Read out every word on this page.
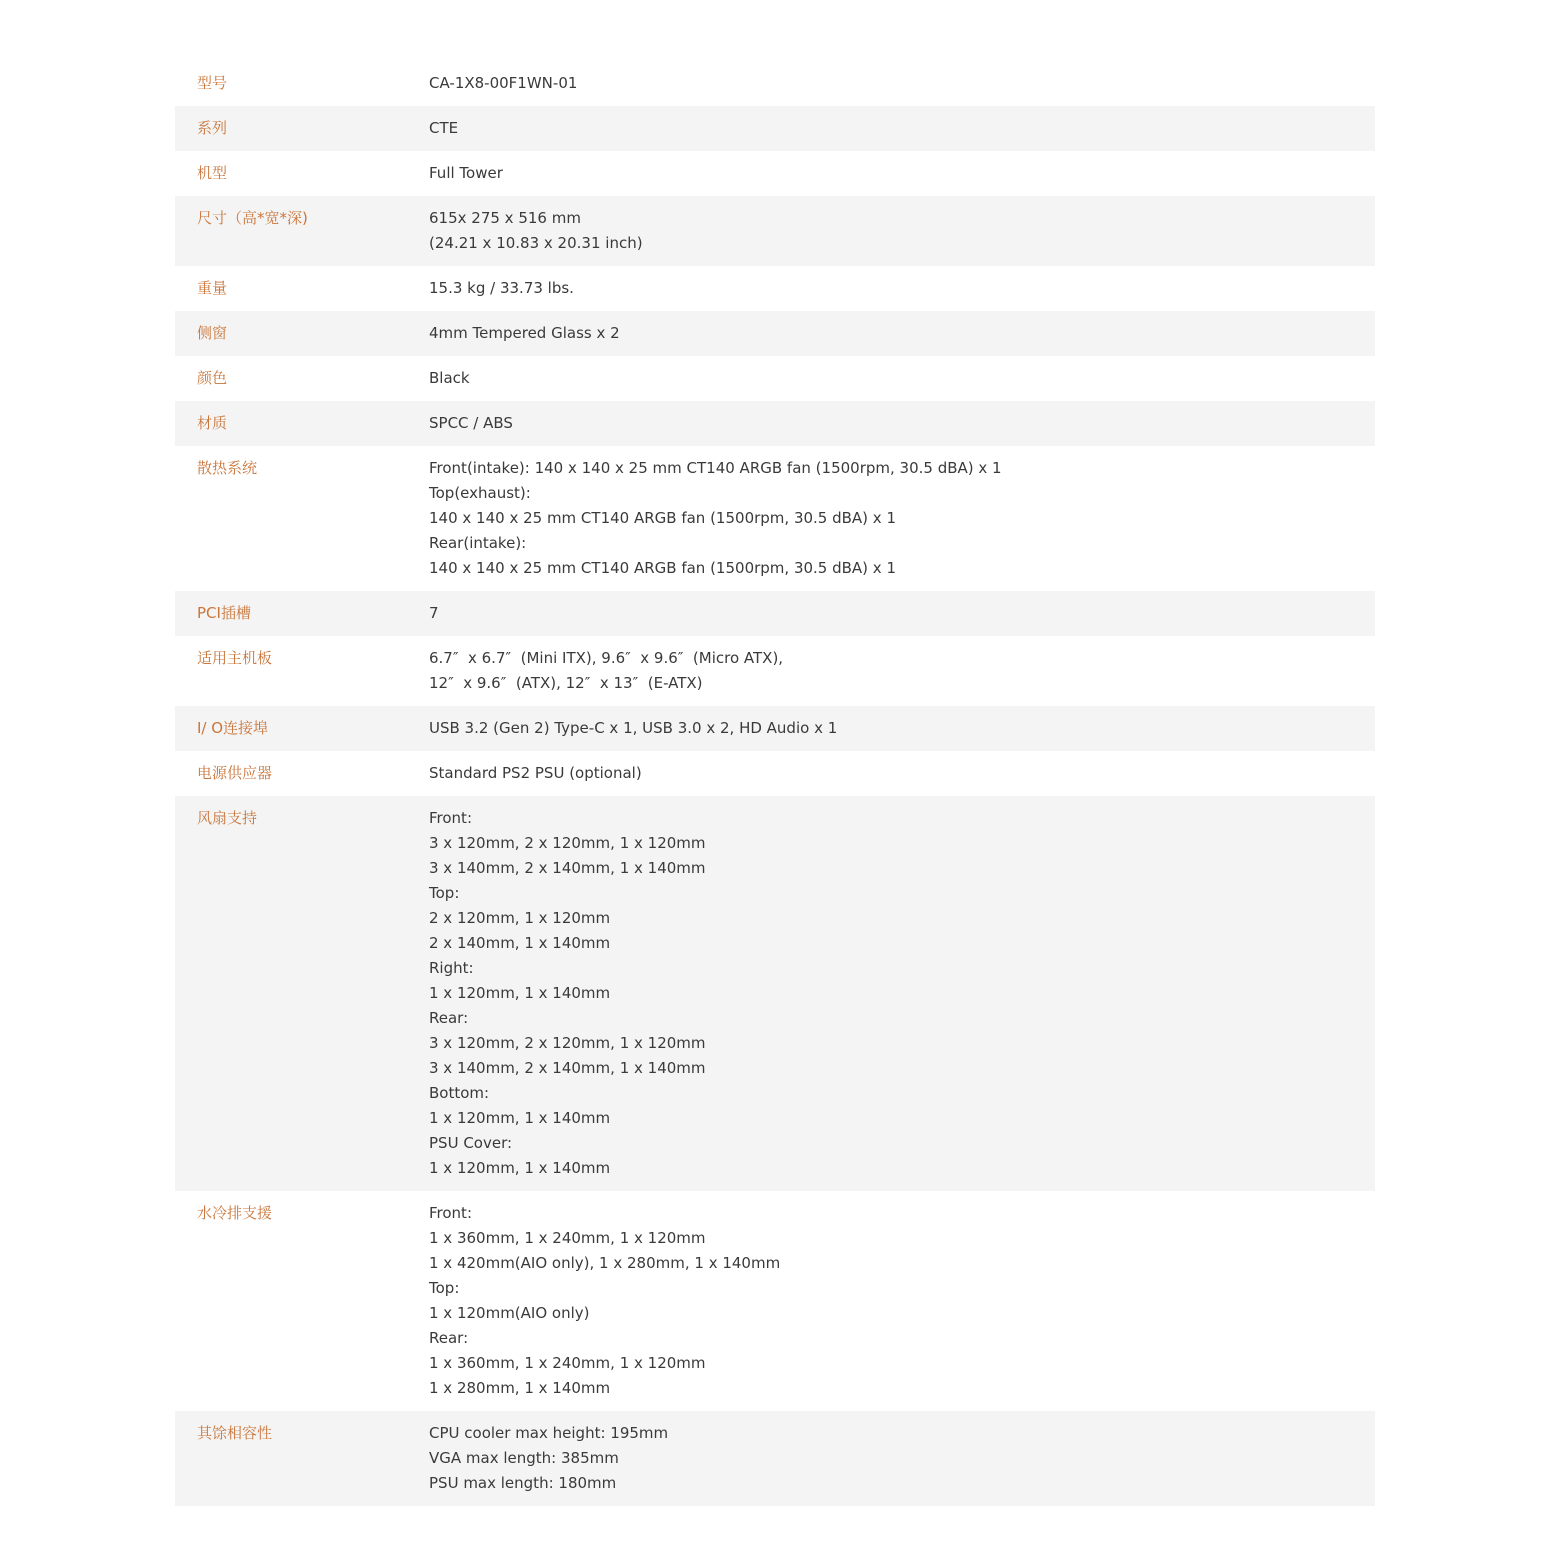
型号	CA-1X8-00F1WN-01
系列	CTE
机型	Full Tower
尺寸（高*宽*深)	615x 275 x 516 mm
(24.21 x 10.83 x 20.31 inch)
重量	15.3 kg / 33.73 lbs.
侧窗	4mm Tempered Glass x 2
颜色	Black
材质	SPCC / ABS
散热系统	Front(intake): 140 x 140 x 25 mm CT140 ARGB fan (1500rpm, 30.5 dBA) x 1
Top(exhaust):
140 x 140 x 25 mm CT140 ARGB fan (1500rpm, 30.5 dBA) x 1
Rear(intake):
140 x 140 x 25 mm CT140 ARGB fan (1500rpm, 30.5 dBA) x 1
PCI插槽	7
适用主机板	6.7″  x 6.7″  (Mini ITX), 9.6″  x 9.6″  (Micro ATX),
12″  x 9.6″  (ATX), 12″  x 13″  (E-ATX)
I/ O连接埠	USB 3.2 (Gen 2) Type-C x 1, USB 3.0 x 2, HD Audio x 1
电源供应器	Standard PS2 PSU (optional)
风扇支持	Front:
3 x 120mm, 2 x 120mm, 1 x 120mm
3 x 140mm, 2 x 140mm, 1 x 140mm
Top:
2 x 120mm, 1 x 120mm
2 x 140mm, 1 x 140mm
Right:
1 x 120mm, 1 x 140mm
Rear:
3 x 120mm, 2 x 120mm, 1 x 120mm
3 x 140mm, 2 x 140mm, 1 x 140mm
Bottom:
1 x 120mm, 1 x 140mm
PSU Cover:
1 x 120mm, 1 x 140mm
水冷排支援	Front:
1 x 360mm, 1 x 240mm, 1 x 120mm
1 x 420mm(AIO only), 1 x 280mm, 1 x 140mm
Top:
1 x 120mm(AIO only)
Rear:
1 x 360mm, 1 x 240mm, 1 x 120mm
1 x 280mm, 1 x 140mm
其馀相容性	CPU cooler max height: 195mm
VGA max length: 385mm
PSU max length: 180mm
